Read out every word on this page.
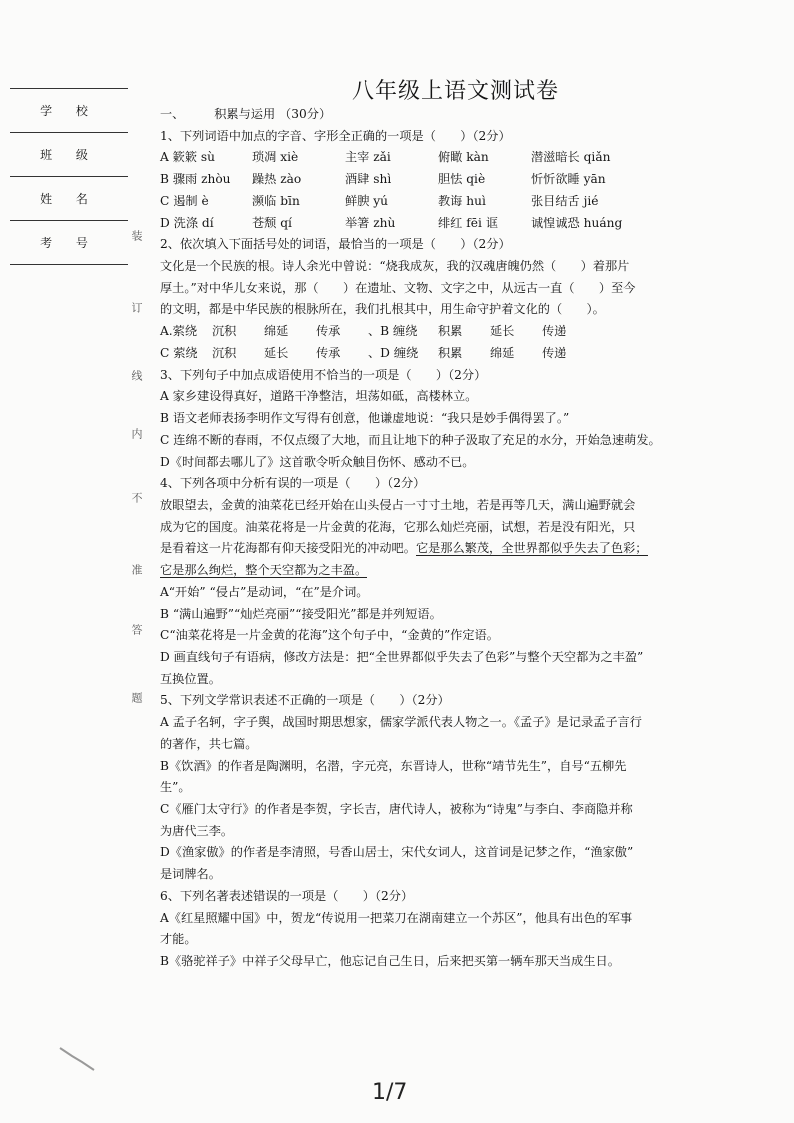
学 校
班 级
姓 名
考 号
装
订
线
内
不
准
答
题
八年级上语文测试卷
一、 积累与运用 （30分）
1、下列词语中加点的字音、字形全正确的一项是（　　）（2分）
A 簌簌 sù	琐凋 xiè	主宰 zǎi	俯瞰 kàn	潜滋暗长 qiǎn
B 骤雨 zhòu	躁热 zào	酒肆 shì	胆怯 qiè	忻忻欲睡 yān
C 遏制 è	濒临 bīn	鲜腴 yú	教诲 huì	张目结舌 jié
D 洗涤 dí	苍颓 qí	举箸 zhù	绯红 fēi 诓	诚惶诚恐 huáng
2、依次填入下面括号处的词语，最恰当的一项是（　　）（2分）
文化是一个民族的根。诗人余光中曾说：“烧我成灰，我的汉魂唐魄仍然（　　）着那片
厚土。”对中华儿女来说，那（　　）在遗址、文物、文字之中，从远古一直（　　）至今
的文明，都是中华民族的根脉所在，我们扎根其中，用生命守护着文化的（　　）。
A.萦绕	沉积	绵延	传承	、B 缠绕	积累	延长	传递
C 萦绕	沉积	延长	传承	、D 缠绕	积累	绵延	传递
3、下列句子中加点成语使用不恰当的一项是（　　）（2分）
A 家乡建设得真好，道路干净整洁，坦荡如砥，高楼林立。
B 语文老师表扬李明作文写得有创意，他谦虚地说：“我只是妙手偶得罢了。”
C 连绵不断的春雨，不仅点缀了大地，而且让地下的种子汲取了充足的水分，开始急速萌发。
D《时间都去哪儿了》这首歌令听众触目伤怀、感动不已。
4、下列各项中分析有误的一项是（　　）（2分）
放眼望去，金黄的油菜花已经开始在山头侵占一寸寸土地，若是再等几天，满山遍野就会
成为它的国度。油菜花将是一片金黄的花海，它那么灿烂亮丽，试想，若是没有阳光，只
是看着这一片花海都有仰天接受阳光的冲动吧。它是那么繁茂，全世界都似乎失去了色彩；
它是那么绚烂，整个天空都为之丰盈。
A“开始” “侵占”是动词，“在”是介词。
B “满山遍野”“灿烂亮丽”“接受阳光”都是并列短语。
C“油菜花将是一片金黄的花海”这个句子中，“金黄的”作定语。
D 画直线句子有语病，修改方法是：把“全世界都似乎失去了色彩”与整个天空都为之丰盈”
互换位置。
5、下列文学常识表述不正确的一项是（　　）（2分）
A 孟子名轲，字子舆，战国时期思想家，儒家学派代表人物之一。《孟子》是记录孟子言行
的著作，共七篇。
B《饮酒》的作者是陶渊明，名潜，字元亮，东晋诗人，世称“靖节先生”，自号“五柳先
生”。
C《雁门太守行》的作者是李贺，字长吉，唐代诗人，被称为“诗鬼”与李白、李商隐并称
为唐代三李。
D《渔家傲》的作者是李清照，号香山居士，宋代女词人，这首词是记梦之作，“渔家傲”
是词牌名。
6、下列名著表述错误的一项是（　　）（2分）
A《红星照耀中国》中，贺龙“传说用一把菜刀在湖南建立一个苏区”，他具有出色的军事
才能。
B《骆驼祥子》中祥子父母早亡，他忘记自己生日，后来把买第一辆车那天当成生日。
1/7
